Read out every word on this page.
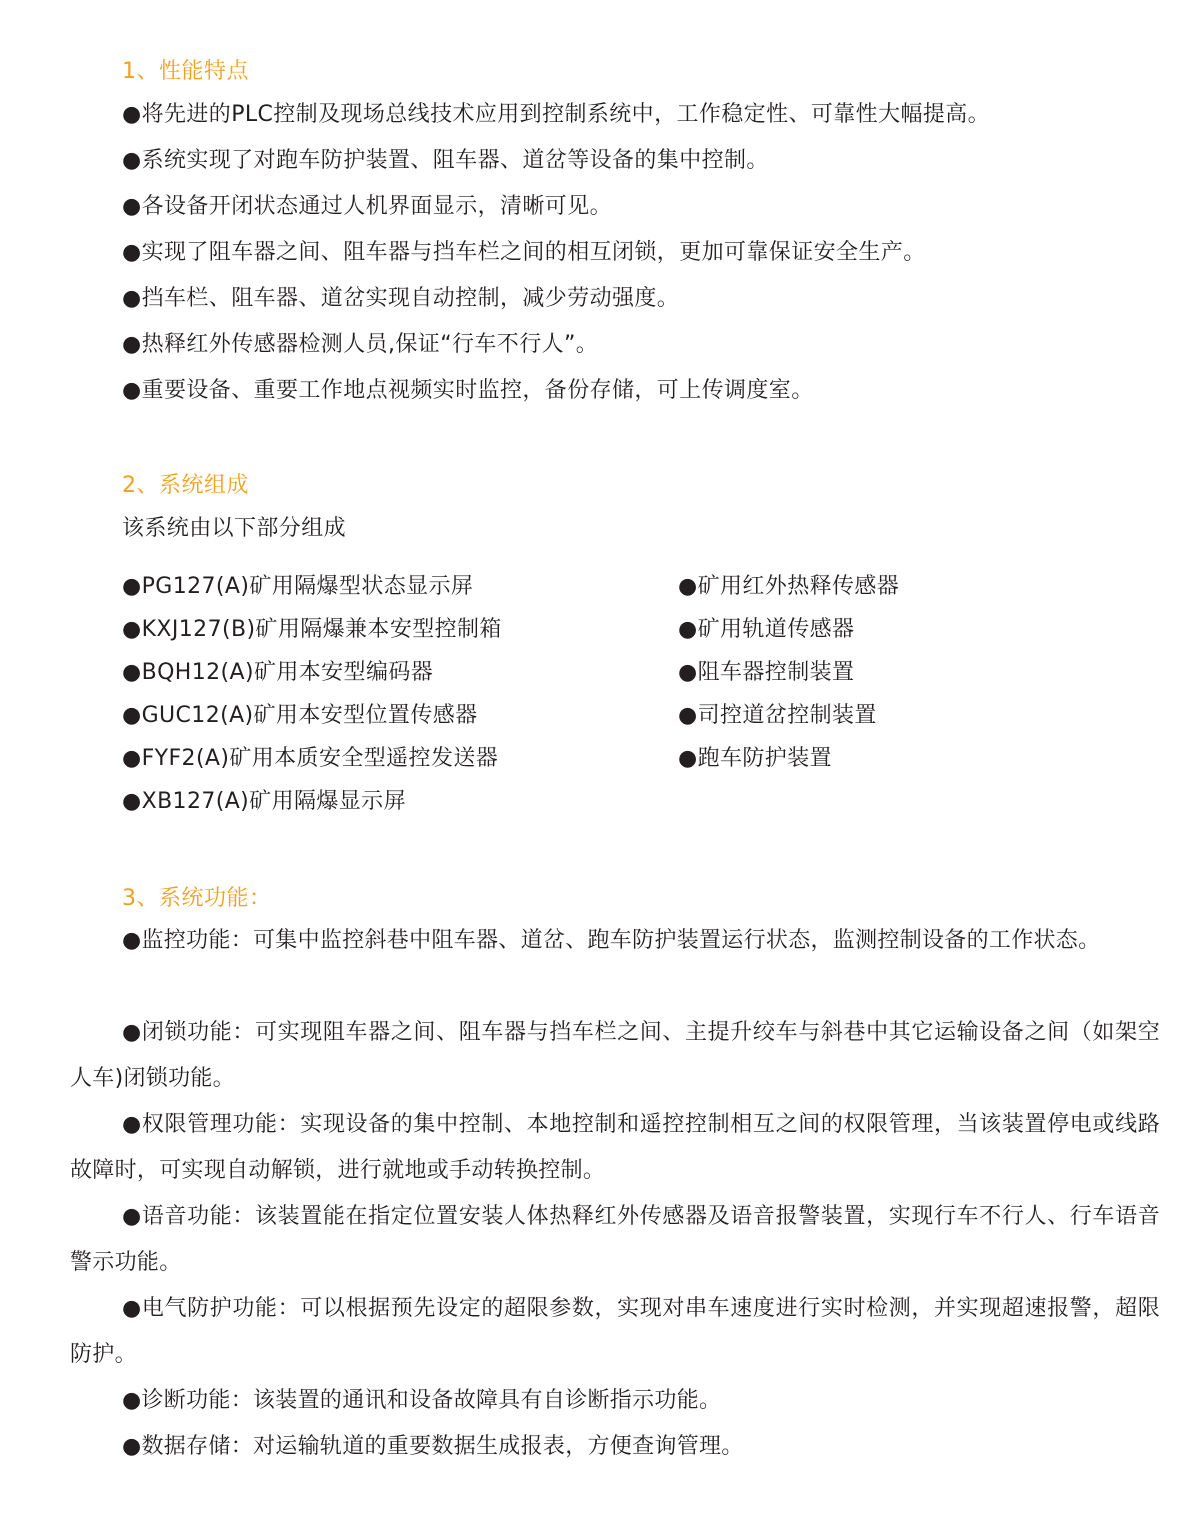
1、性能特点
●将先进的PLC控制及现场总线技术应用到控制系统中，工作稳定性、可靠性大幅提高。
●系统实现了对跑车防护装置、阻车器、道岔等设备的集中控制。
●各设备开闭状态通过人机界面显示，清晰可见。
●实现了阻车器之间、阻车器与挡车栏之间的相互闭锁，更加可靠保证安全生产。
●挡车栏、阻车器、道岔实现自动控制，减少劳动强度。
●热释红外传感器检测人员,保证“行车不行人”。
●重要设备、重要工作地点视频实时监控，备份存储，可上传调度室。
2、系统组成
该系统由以下部分组成
●PG127(A)矿用隔爆型状态显示屏
●KXJ127(B)矿用隔爆兼本安型控制箱
●BQH12(A)矿用本安型编码器
●GUC12(A)矿用本安型位置传感器
●FYF2(A)矿用本质安全型遥控发送器
●XB127(A)矿用隔爆显示屏
●矿用红外热释传感器
●矿用轨道传感器
●阻车器控制装置
●司控道岔控制装置
●跑车防护装置
3、系统功能：
●监控功能：可集中监控斜巷中阻车器、道岔、跑车防护装置运行状态，监测控制设备的工作状态。
●闭锁功能：可实现阻车器之间、阻车器与挡车栏之间、主提升绞车与斜巷中其它运输设备之间（如架空人车)闭锁功能。
●权限管理功能：实现设备的集中控制、本地控制和遥控控制相互之间的权限管理，当该装置停电或线路故障时，可实现自动解锁，进行就地或手动转换控制。
●语音功能：该装置能在指定位置安装人体热释红外传感器及语音报警装置，实现行车不行人、行车语音警示功能。
●电气防护功能：可以根据预先设定的超限参数，实现对串车速度进行实时检测，并实现超速报警，超限防护。
●诊断功能：该装置的通讯和设备故障具有自诊断指示功能。
●数据存储：对运输轨道的重要数据生成报表，方便查询管理。
